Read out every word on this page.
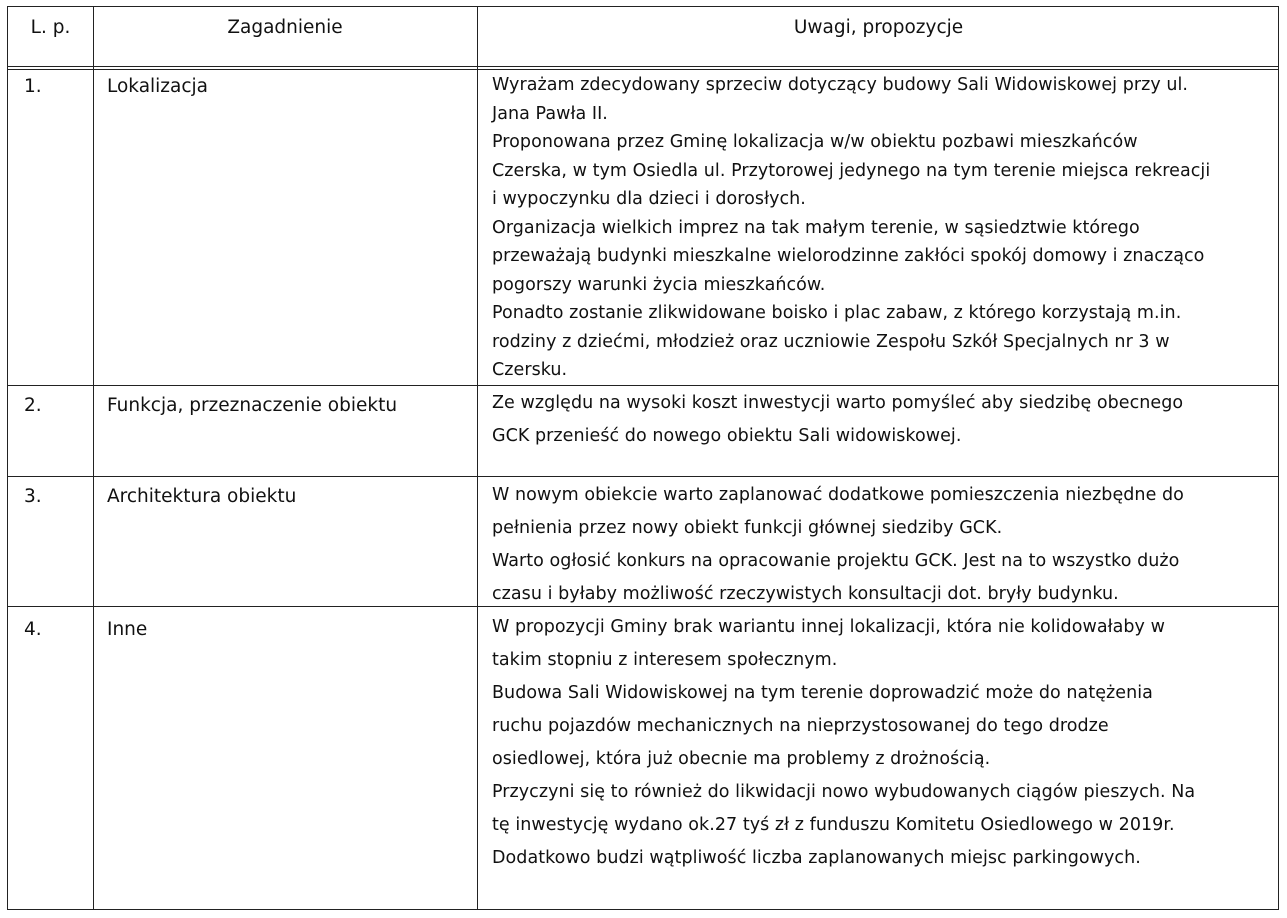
L. p.	Zagadnienie	Uwagi, propozycje
1.	Lokalizacja	Wyrażam zdecydowany sprzeciw dotyczący budowy Sali Widowiskowej przy ul.
Jana Pawła II.
Proponowana przez Gminę lokalizacja w/w obiektu pozbawi mieszkańców
Czerska, w tym Osiedla ul. Przytorowej jedynego na tym terenie miejsca rekreacji
i wypoczynku dla dzieci i dorosłych.
Organizacja wielkich imprez na tak małym terenie, w sąsiedztwie którego
przeważają budynki mieszkalne wielorodzinne zakłóci spokój domowy i znacząco
pogorszy warunki życia mieszkańców.
Ponadto zostanie zlikwidowane boisko i plac zabaw, z którego korzystają m.in.
rodziny z dziećmi, młodzież oraz uczniowie Zespołu Szkół Specjalnych nr 3 w
Czersku.
2.	Funkcja, przeznaczenie obiektu	Ze względu na wysoki koszt inwestycji warto pomyśleć aby siedzibę obecnego
GCK przenieść do nowego obiektu Sali widowiskowej.
3.	Architektura obiektu	W nowym obiekcie warto zaplanować dodatkowe pomieszczenia niezbędne do
pełnienia przez nowy obiekt funkcji głównej siedziby GCK.
Warto ogłosić konkurs na opracowanie projektu GCK. Jest na to wszystko dużo
czasu i byłaby możliwość rzeczywistych konsultacji dot. bryły budynku.
4.	Inne	W propozycji Gminy brak wariantu innej lokalizacji, która nie kolidowałaby w
takim stopniu z interesem społecznym.
Budowa Sali Widowiskowej na tym terenie doprowadzić może do natężenia
ruchu pojazdów mechanicznych na nieprzystosowanej do tego drodze
osiedlowej, która już obecnie ma problemy z drożnością.
Przyczyni się to również do likwidacji nowo wybudowanych ciągów pieszych. Na
tę inwestycję wydano ok.27 tyś zł z funduszu Komitetu Osiedlowego w 2019r.
Dodatkowo budzi wątpliwość liczba zaplanowanych miejsc parkingowych.
